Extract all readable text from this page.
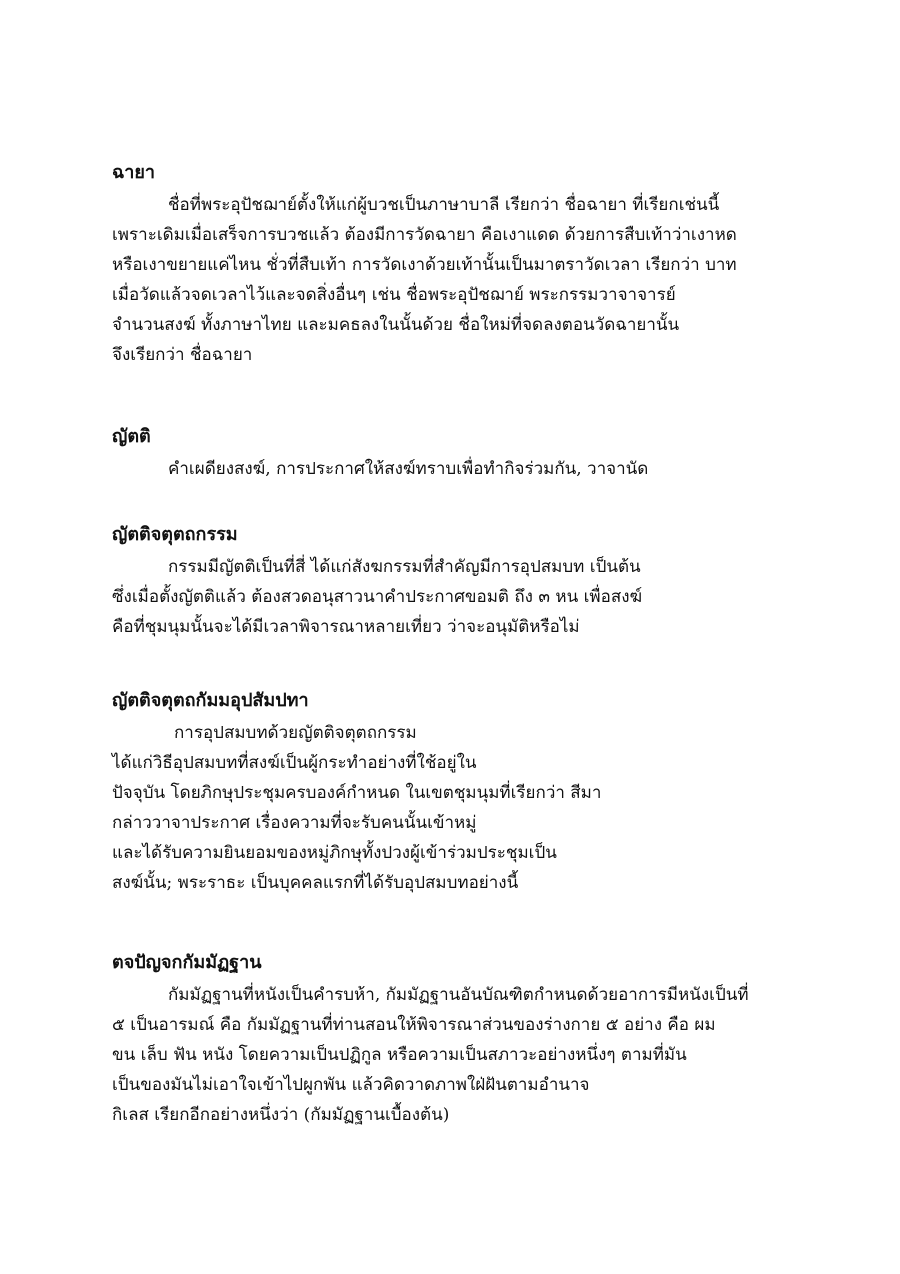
ฉายา
ชื่อที่พระอุปัชฌาย์ตั้งให้แก่ผู้บวชเป็นภาษาบาลี เรียกว่า ชื่อฉายา ที่เรียกเช่นนี้
เพราะเดิมเมื่อเสร็จการบวชแล้ว ต้องมีการวัดฉายา คือเงาแดด ด้วยการสืบเท้าว่าเงาหด
หรือเงาขยายแค่ไหน ชั่วที่สืบเท้า การวัดเงาด้วยเท้านั้นเป็นมาตราวัดเวลา เรียกว่า บาท
เมื่อวัดแล้วจดเวลาไว้และจดสิ่งอื่นๆ เช่น ชื่อพระอุปัชฌาย์ พระกรรมวาจาจารย์
จำนวนสงฆ์ ทั้งภาษาไทย และมคธลงในนั้นด้วย ชื่อใหม่ที่จดลงตอนวัดฉายานั้น
จึงเรียกว่า ชื่อฉายา
ญัตติ
คำเผดียงสงฆ์, การประกาศให้สงฆ์ทราบเพื่อทำกิจร่วมกัน, วาจานัด
ญัตติจตุตถกรรม
กรรมมีญัตติเป็นที่สี่ ได้แก่สังฆกรรมที่สำคัญมีการอุปสมบท เป็นต้น
ซึ่งเมื่อตั้งญัตติแล้ว ต้องสวดอนุสาวนาคำประกาศขอมติ ถึง ๓ หน เพื่อสงฆ์
คือที่ชุมนุมนั้นจะได้มีเวลาพิจารณาหลายเที่ยว ว่าจะอนุมัติหรือไม่
ญัตติจตุตถกัมมอุปสัมปทา
การอุปสมบทด้วยญัตติจตุตถกรรม
ได้แก่วิธีอุปสมบทที่สงฆ์เป็นผู้กระทำอย่างที่ใช้อยู่ใน
ปัจจุบัน โดยภิกษุประชุมครบองค์กำหนด ในเขตชุมนุมที่เรียกว่า สีมา
กล่าววาจาประกาศ เรื่องความที่จะรับคนนั้นเข้าหมู่
และได้รับความยินยอมของหมู่ภิกษุทั้งปวงผู้เข้าร่วมประชุมเป็น
สงฆ์นั้น; พระราธะ เป็นบุคคลแรกที่ได้รับอุปสมบทอย่างนี้
ตจปัญจกกัมมัฏฐาน
กัมมัฏฐานที่หนังเป็นคำรบห้า, กัมมัฏฐานอันบัณฑิตกำหนดด้วยอาการมีหนังเป็นที่
๕ เป็นอารมณ์ คือ กัมมัฏฐานที่ท่านสอนให้พิจารณาส่วนของร่างกาย ๕ อย่าง คือ ผม
ขน เล็บ ฟัน หนัง โดยความเป็นปฏิกูล หรือความเป็นสภาวะอย่างหนึ่งๆ ตามที่มัน
เป็นของมันไม่เอาใจเข้าไปผูกพัน แล้วคิดวาดภาพใฝ่ฝันตามอำนาจ
กิเลส เรียกอีกอย่างหนึ่งว่า (กัมมัฏฐานเบื้องต้น)
